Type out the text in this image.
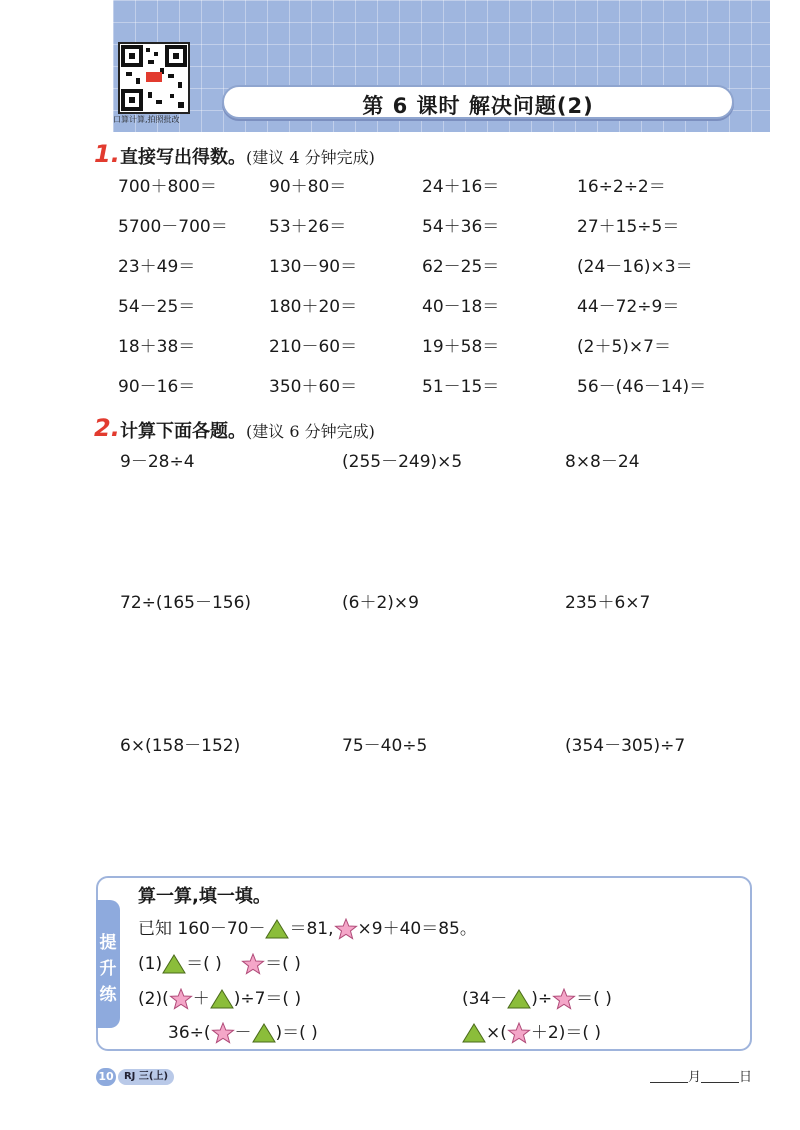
口算计算,拍照批改
第 6 课时 解决问题(2)
1. 直接写出得数。(建议 4 分钟完成)
700＋800＝	90＋80＝	24＋16＝	16÷2÷2＝
5700－700＝ 53＋26＝	54＋36＝	27＋15÷5＝
23＋49＝	130－90＝	62－25＝	(24－16)×3＝
54－25＝	180＋20＝	40－18＝	44－72÷9＝
18＋38＝	210－60＝	19＋58＝	(2＋5)×7＝
90－16＝	350＋60＝	51－15＝	56－(46－14)＝
2. 计算下面各题。(建议 6 分钟完成)
9－28÷4	(255－249)×5	8×8－24
72÷(165－156)	(6＋2)×9	235＋6×7
6×(158－152)	75－40÷5	(354－305)÷7
提
升
练
算一算,填一填。
已知 160－70－ ＝81, ×9＋40＝85。
(1) ＝( )	＝( )
(2)( ＋ )÷7＝( )	(34－ )÷ ＝( )
36÷( － )＝( )	×( ＋2)＝( )
10	RJ 三(上)	月	日
